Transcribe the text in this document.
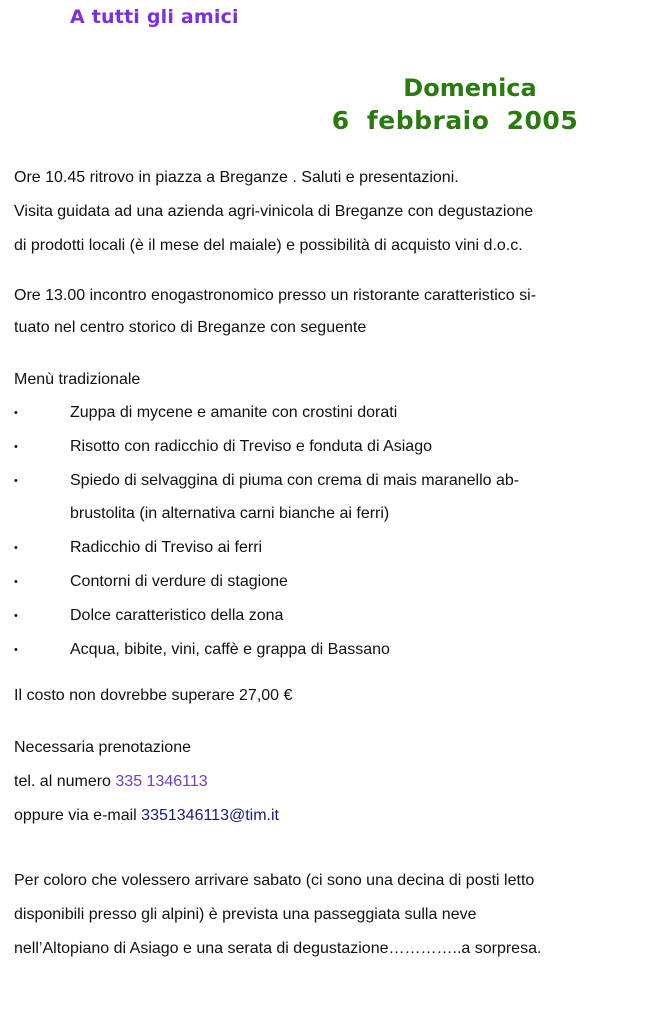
A tutti gli amici
Domenica
6 febbraio 2005
Ore 10.45 ritrovo in piazza a Breganze . Saluti e presentazioni.
Visita guidata ad una azienda agri-vinicola di Breganze con degustazione
di prodotti locali (è il mese del maiale) e possibilità di acquisto vini d.o.c.
Ore 13.00 incontro enogastronomico presso un ristorante caratteristico si-
tuato nel centro storico di Breganze con seguente
Menù tradizionale
•	Zuppa di mycene e amanite con crostini dorati
•	Risotto con radicchio di Treviso e fonduta di Asiago
•	Spiedo di selvaggina di piuma con crema di mais maranello ab-
brustolita (in alternativa carni bianche ai ferri)
•	Radicchio di Treviso ai ferri
•	Contorni di verdure di stagione
•	Dolce caratteristico della zona
•	Acqua, bibite, vini, caffè e grappa di Bassano
Il costo non dovrebbe superare 27,00 €
Necessaria prenotazione
tel. al numero 335 1346113
oppure via e-mail 3351346113@tim.it
Per coloro che volessero arrivare sabato (ci sono una decina di posti letto
disponibili presso gli alpini) è prevista una passeggiata sulla neve
nell’Altopiano di Asiago e una serata di degustazione…………..a sorpresa.
